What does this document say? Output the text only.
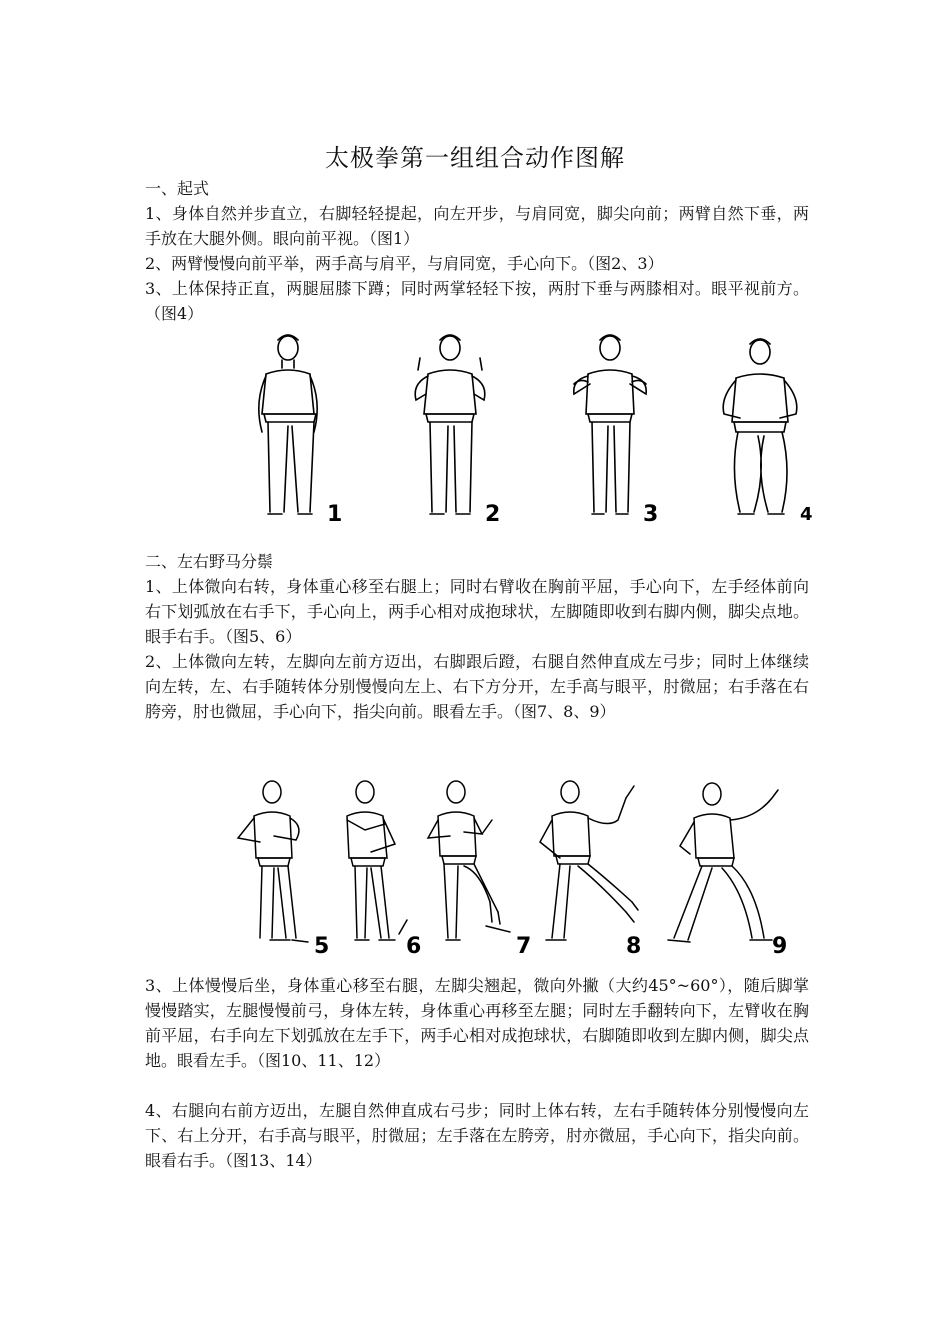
太极拳第一组组合动作图解
一、起式
1、身体自然并步直立，右脚轻轻提起，向左开步，与肩同宽，脚尖向前；两臂自然下垂，两手放在大腿外侧。眼向前平视。（图1）
2、两臂慢慢向前平举，两手高与肩平，与肩同宽，手心向下。（图2、3）
3、上体保持正直，两腿屈膝下蹲；同时两掌轻轻下按，两肘下垂与两膝相对。眼平视前方。（图4）
1	2	3	4
二、左右野马分鬃
1、上体微向右转，身体重心移至右腿上；同时右臂收在胸前平屈，手心向下，左手经体前向右下划弧放在右手下，手心向上，两手心相对成抱球状，左脚随即收到右脚内侧，脚尖点地。眼手右手。（图5、6）
2、上体微向左转，左脚向左前方迈出，右脚跟后蹬，右腿自然伸直成左弓步；同时上体继续向左转，左、右手随转体分别慢慢向左上、右下方分开，左手高与眼平，肘微屈；右手落在右胯旁，肘也微屈，手心向下，指尖向前。眼看左手。（图7、8、9）
5	6	7	8	9
3、上体慢慢后坐，身体重心移至右腿，左脚尖翘起，微向外撇（大约45°~60°），随后脚掌慢慢踏实，左腿慢慢前弓，身体左转，身体重心再移至左腿；同时左手翻转向下，左臂收在胸前平屈，右手向左下划弧放在左手下，两手心相对成抱球状，右脚随即收到左脚内侧，脚尖点地。眼看左手。（图10、11、12）
4、右腿向右前方迈出，左腿自然伸直成右弓步；同时上体右转，左右手随转体分别慢慢向左下、右上分开，右手高与眼平，肘微屈；左手落在左胯旁，肘亦微屈，手心向下，指尖向前。眼看右手。（图13、14）
